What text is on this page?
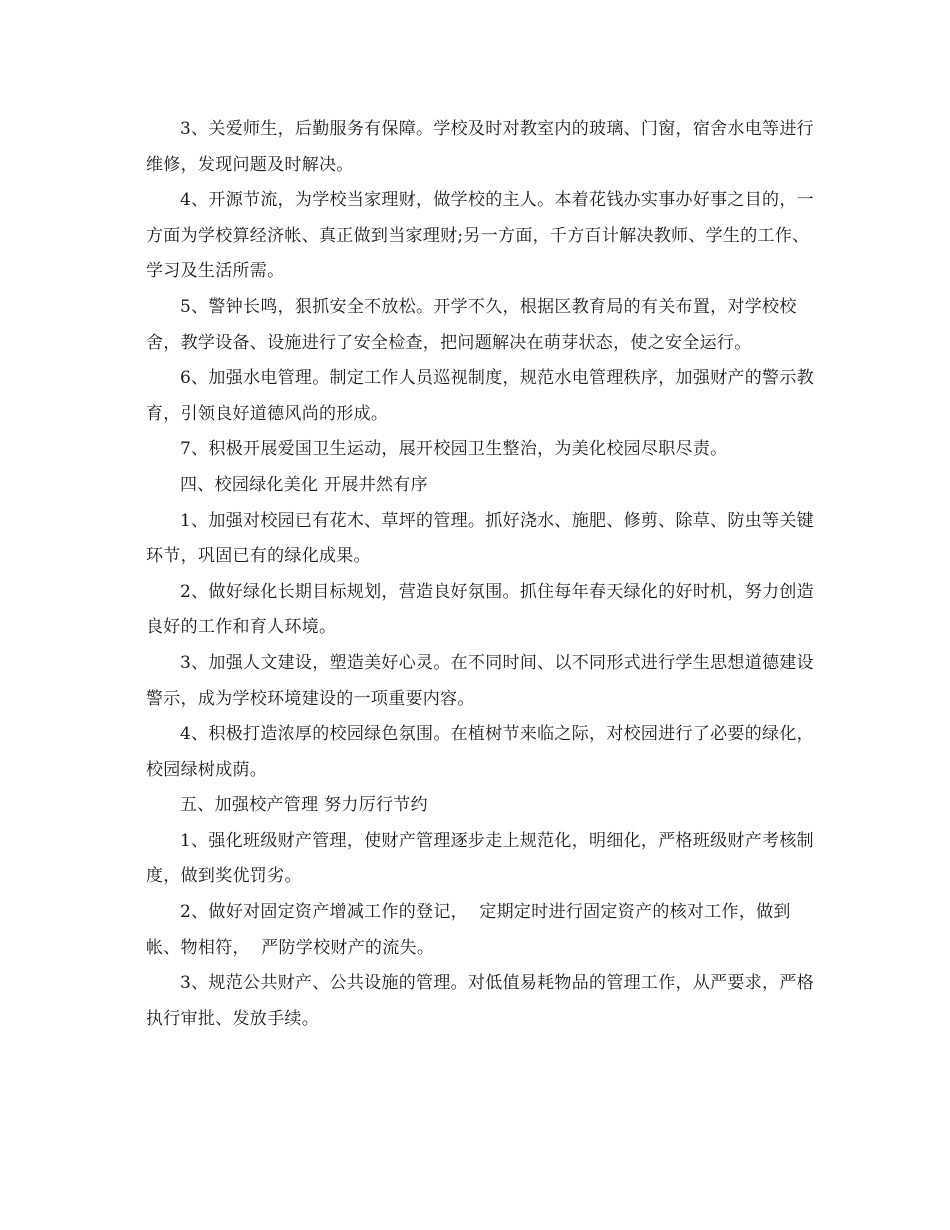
3、关爱师生，后勤服务有保障。学校及时对教室内的玻璃、门窗，宿舍水电等进行维修，发现问题及时解决。

4、开源节流，为学校当家理财，做学校的主人。本着花钱办实事办好事之目的，一方面为学校算经济帐、真正做到当家理财;另一方面，千方百计解决教师、学生的工作、学习及生活所需。

5、警钟长鸣，狠抓安全不放松。开学不久，根据区教育局的有关布置，对学校校舍，教学设备、设施进行了安全检查，把问题解决在萌芽状态，使之安全运行。

6、加强水电管理。制定工作人员巡视制度，规范水电管理秩序，加强财产的警示教育，引领良好道德风尚的形成。

7、积极开展爱国卫生运动，展开校园卫生整治，为美化校园尽职尽责。

四、校园绿化美化 开展井然有序

1、加强对校园已有花木、草坪的管理。抓好浇水、施肥、修剪、除草、防虫等关键环节，巩固已有的绿化成果。

2、做好绿化长期目标规划，营造良好氛围。抓住每年春天绿化的好时机，努力创造良好的工作和育人环境。

3、加强人文建设，塑造美好心灵。在不同时间、以不同形式进行学生思想道德建设警示，成为学校环境建设的一项重要内容。

4、积极打造浓厚的校园绿色氛围。在植树节来临之际，对校园进行了必要的绿化，校园绿树成荫。

五、加强校产管理 努力厉行节约

1、强化班级财产管理，使财产管理逐步走上规范化，明细化，严格班级财产考核制度，做到奖优罚劣。

2、做好对固定资产增减工作的登记，  定期定时进行固定资产的核对工作，做到帐、物相符，  严防学校财产的流失。

3、规范公共财产、公共设施的管理。对低值易耗物品的管理工作，从严要求，严格执行审批、发放手续。
